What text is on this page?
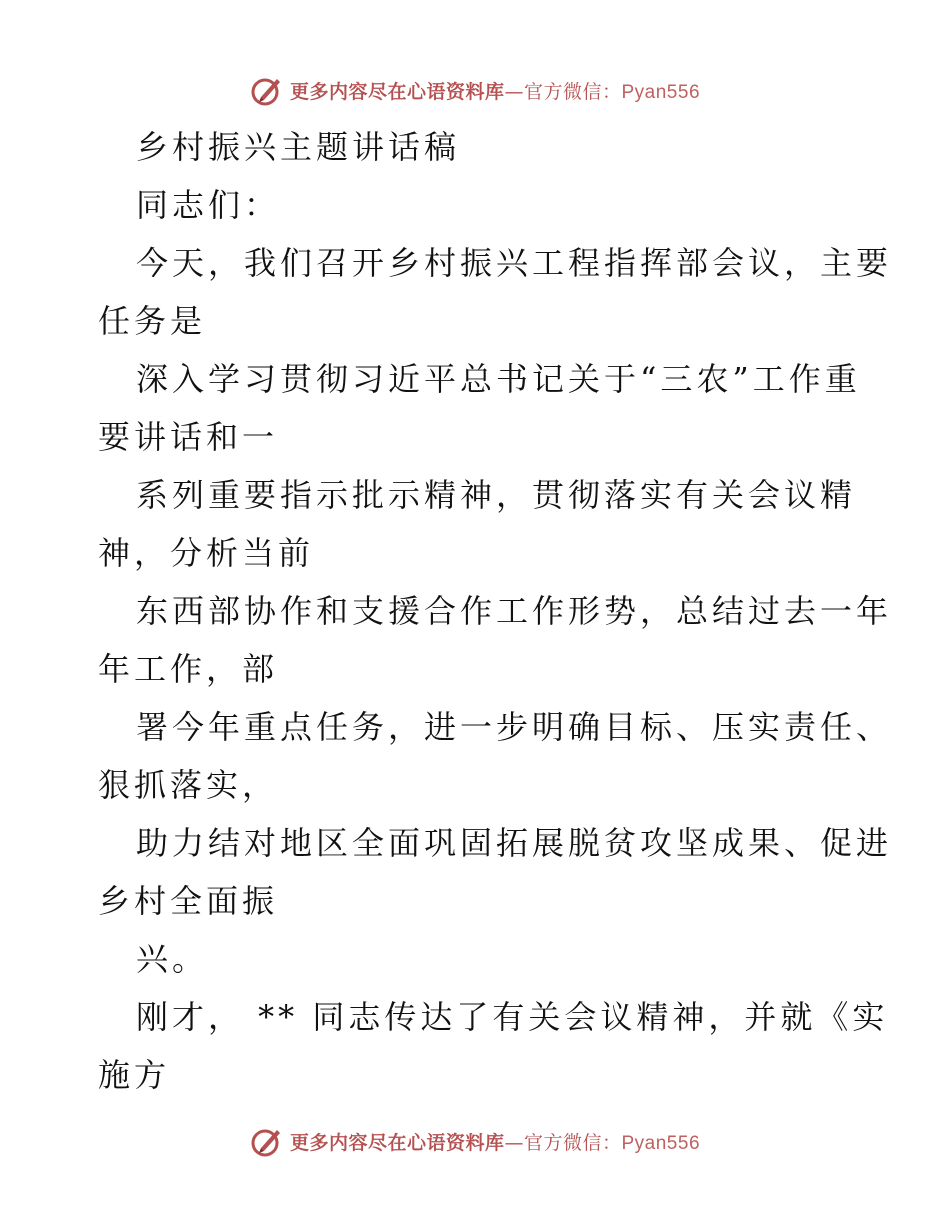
更多内容尽在心语资料库—官方微信：Pyan556
乡村振兴主题讲话稿
同志们：
今天，我们召开乡村振兴工程指挥部会议，主要
任务是
深入学习贯彻习近平总书记关于“三农”工作重
要讲话和一
系列重要指示批示精神，贯彻落实有关会议精
神，分析当前
东西部协作和支援合作工作形势，总结过去一年
年工作，部
署今年重点任务，进一步明确目标、压实责任、
狠抓落实，
助力结对地区全面巩固拓展脱贫攻坚成果、促进
乡村全面振
兴。
刚才， ** 同志传达了有关会议精神，并就《实
施方
更多内容尽在心语资料库—官方微信：Pyan556
